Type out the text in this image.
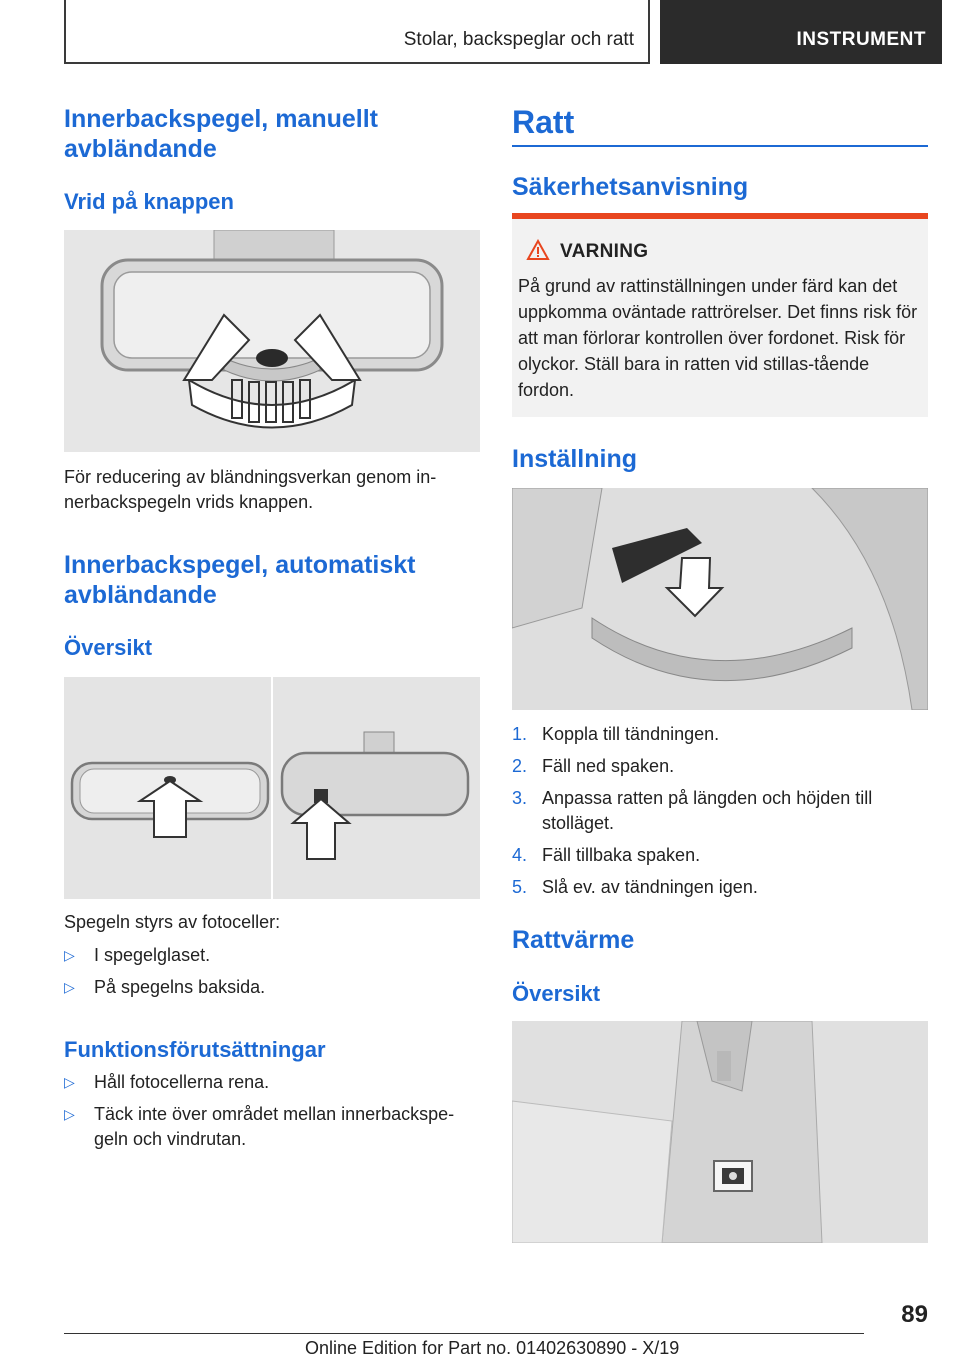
Stolar, backspeglar och ratt	INSTRUMENT
Innerbackspegel, manuellt avbländande
Vrid på knappen
För reducering av bländningsverkan genom in-nerbackspegeln vrids knappen.
Innerbackspegel, automatiskt avbländande
Översikt
Spegeln styrs av fotoceller:
▷ I spegelglaset.
▷ På spegelns baksida.
Funktionsförutsättningar
▷ Håll fotocellerna rena.
▷ Täck inte över området mellan innerbackspe-geln och vindrutan.
Ratt
Säkerhetsanvisning
VARNING
På grund av rattinställningen under färd kan det uppkomma oväntade rattrörelser. Det finns risk för att man förlorar kontrollen över fordonet. Risk för olyckor. Ställ bara in ratten vid stillas-tående fordon.
Inställning
1. Koppla till tändningen.
2. Fäll ned spaken.
3. Anpassa ratten på längden och höjden till stolläget.
4. Fäll tillbaka spaken.
5. Slå ev. av tändningen igen.
Rattvärme
Översikt
89
Online Edition for Part no. 01402630890 - X/19
